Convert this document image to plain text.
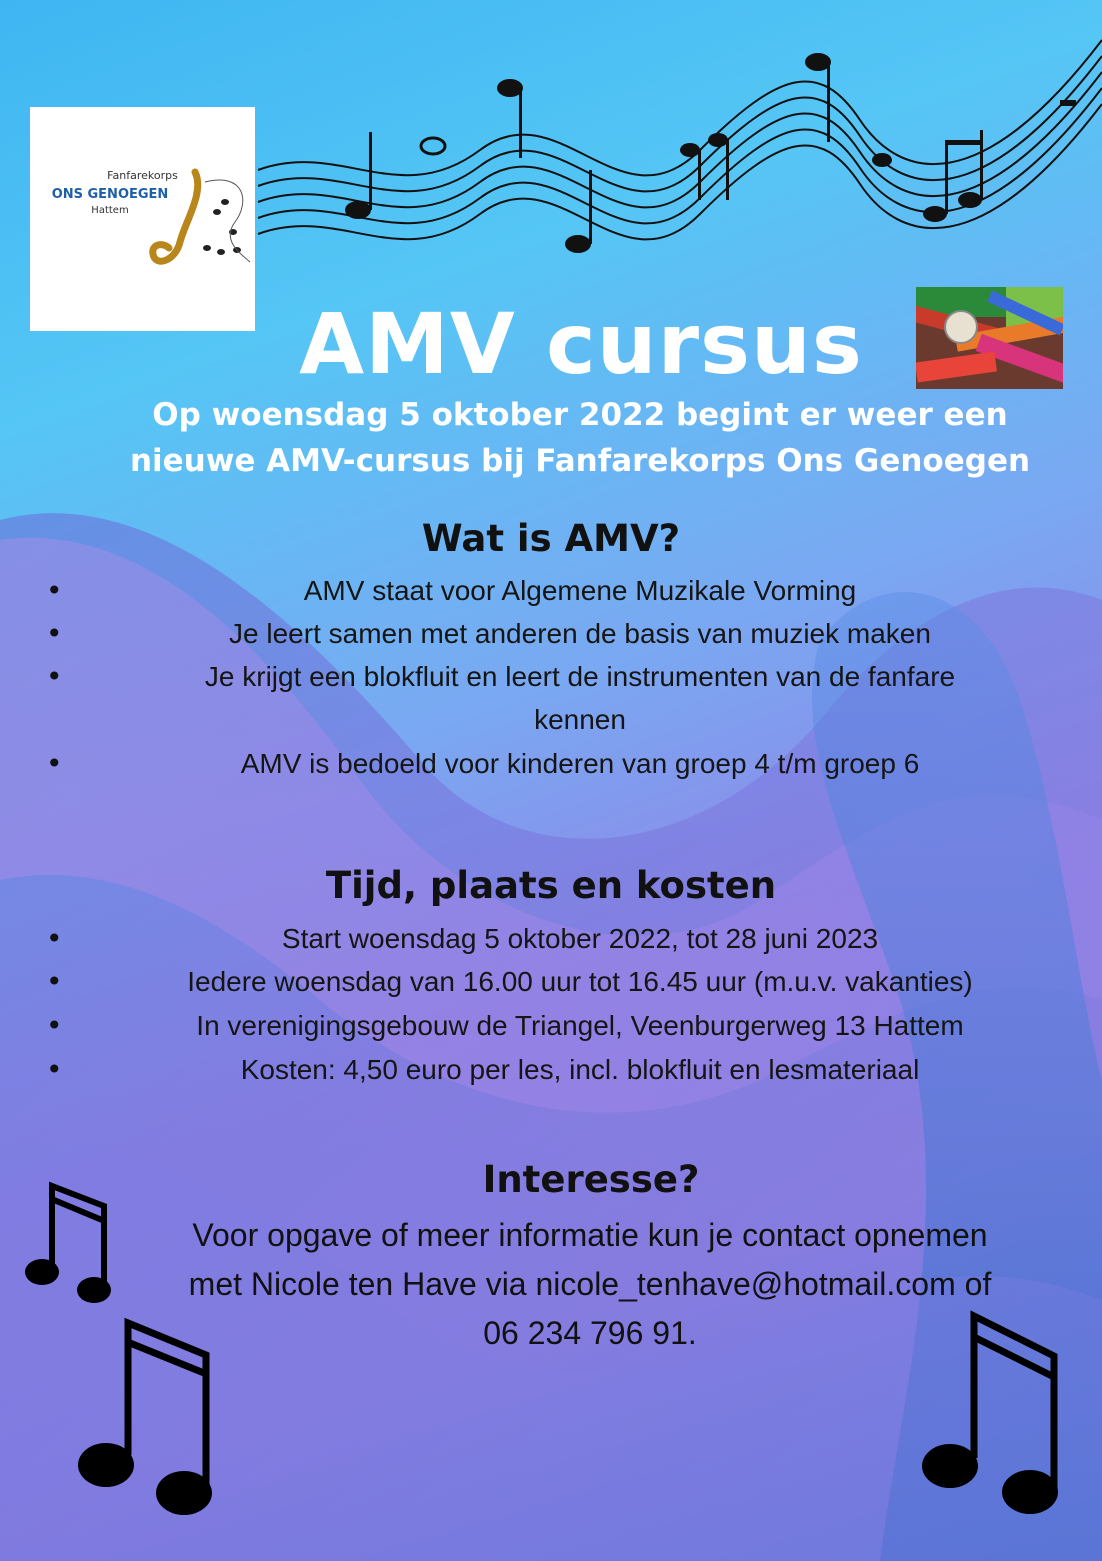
Fanfarekorps
ONS GENOEGEN
Hattem
AMV cursus
Op woensdag 5 oktober 2022 begint er weer een
nieuwe AMV-cursus bij Fanfarekorps Ons Genoegen
Wat is AMV?
•	AMV staat voor Algemene Muzikale Vorming
•	Je leert samen met anderen de basis van muziek maken
•	Je krijgt een blokfluit en leert de instrumenten van de fanfare
kennen
•	AMV is bedoeld voor kinderen van groep 4 t/m groep 6
Tijd, plaats en kosten
•	Start woensdag 5 oktober 2022, tot 28 juni 2023
•	Iedere woensdag van 16.00 uur tot 16.45 uur (m.u.v. vakanties)
•	In verenigingsgebouw de Triangel, Veenburgerweg 13 Hattem
•	Kosten: 4,50 euro per les, incl. blokfluit en lesmateriaal
Interesse?
Voor opgave of meer informatie kun je contact opnemen
met Nicole ten Have via nicole_tenhave@hotmail.com of
06 234 796 91.
